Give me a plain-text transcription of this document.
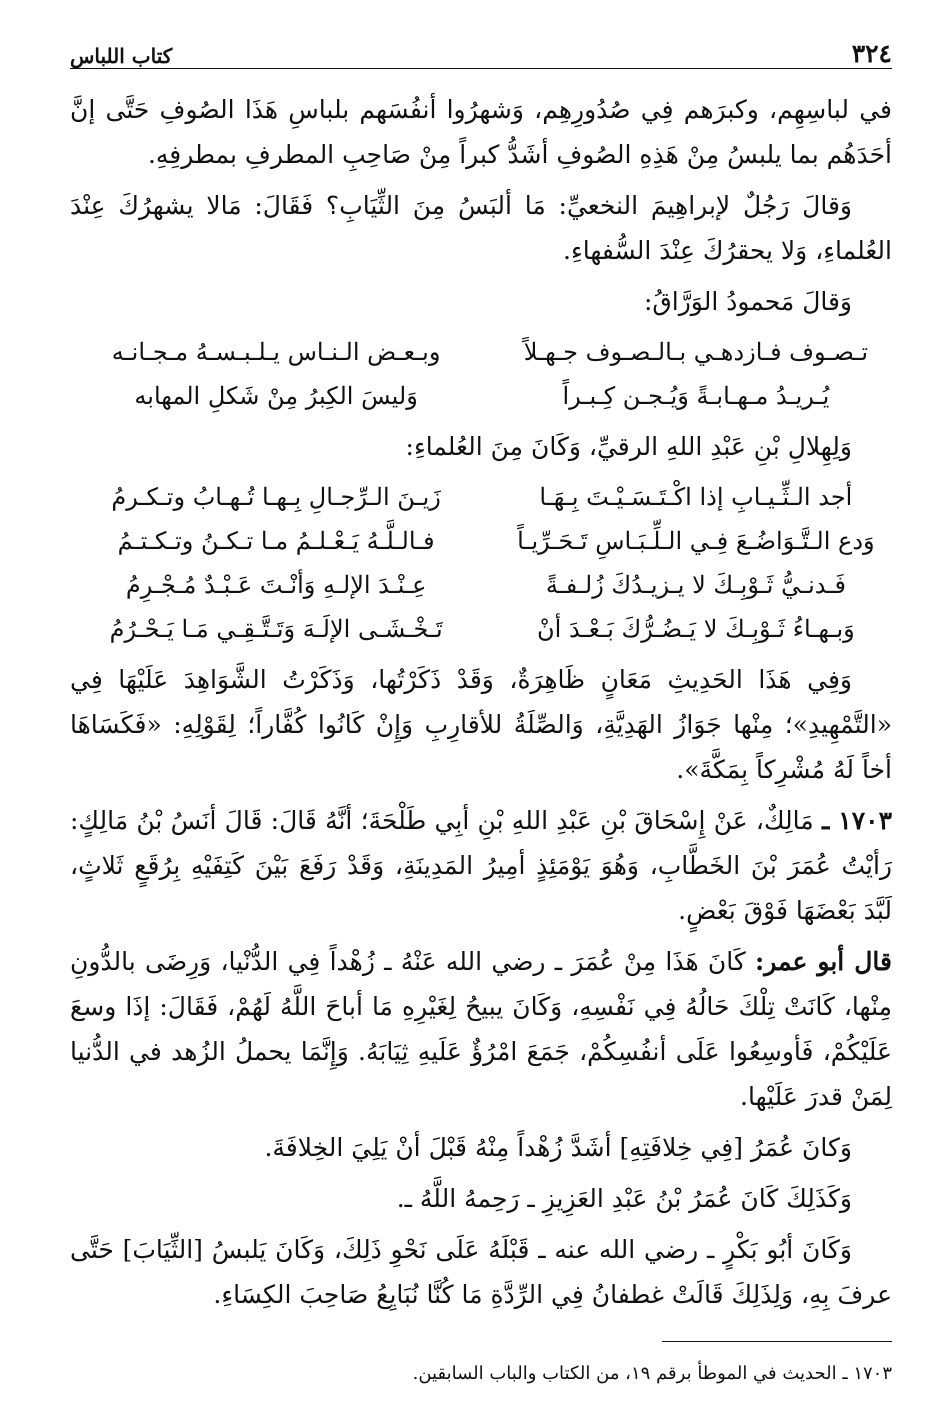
٣٢٤
كتاب اللباس

في لباسِهِم، وكبرَهم فِي صُدُورِهِم، وَشهرُوا أنفُسَهم بلباسِ هَذَا الصُوفِ حَتَّى إنَّ أحَدَهُم بما يلبسُ مِنْ هَذِهِ الصُوفِ أشَدُّ كبراً مِنْ صَاحِبِ المطرفِ بمطرفِهِ.

وَقالَ رَجُلٌ لإبراهِيمَ النخعيِّ: مَا ألبَسُ مِنَ الثِّيَابِ؟ فَقَالَ: مَالا يشهرُكَ عِنْدَ العُلماءِ، وَلا يحقرُكَ عِنْدَ السُّفهاءِ.

وَقالَ مَحمودُ الوَرَّاقُ:

تـصـوف فـازدهـي بـالـصـوف جـهـلاً
وبـعـض الـنـاس يـلـبـسـهُ مـجـانـه
يُـريـدُ مـهـابـةً وَيُـجـن كِـبـراً
وَليسَ الكِبرُ مِنْ شَكلِ المهابه

وَلِهِلالِ بْنِ عَبْدِ اللهِ الرقيِّ، وَكَانَ مِنَ العُلماءِ:

أجد الـثِّـيـابِ إذا اكْـتَـسَـيْـتَ بِـهَـا
زَيـنَ الـرِّجـالِ بِـهـا تُـهـابُ وتـكـرمُ
وَدع الـتَّـوَاضُـعَ فِـي الـلِّـبَـاسِ تَـحَـرِّيـاً
فـالـلَّـهُ يَـعْـلـمُ مـا تـكـنُ وتـكـتـمُ
فَـدنـيُّ ثَـوْبِـكَ لا يـزيـدُكَ زُلـفـةً
عِـنْـدَ الإلـهِ وَأنْـتَ عَـبْـدٌ مُـجْـرِمُ
وَبـهـاءُ ثَـوْبِـكَ لا يَـضُـرُّكَ بَـعْـدَ أنْ
تَـخْـشَـى الإلَـهَ وَتَـتَّـقِـي مَـا يَـحْـرُمُ

وَفِي هَذَا الحَدِيثِ مَعَانٍ ظَاهِرَةٌ، وَقَدْ ذَكَرْتُها، وَذَكَرْتُ الشَّوَاهِدَ عَلَيْهَا فِي «التَّمْهِيدِ»؛ مِنْها جَوَازُ الهَدِيَّةِ، وَالصِّلَةُ للأقارِبِ وَإِنْ كَانُوا كُفَّاراً؛ لِقَوْلِهِ: «فَكَسَاهَا أخاً لَهُ مُشْرِكاً بِمَكَّةَ».

١٧٠٣ ـ مَالِكٌ، عَنْ إِسْحَاقَ بْنِ عَبْدِ اللهِ بْنِ أبِي طَلْحَةَ؛ أنَّهُ قَالَ: قَالَ أنَسُ بْنُ مَالِكٍ: رَأيْتُ عُمَرَ بْنَ الخَطَّابِ، وَهُوَ يَوْمَئِذٍ أمِيرُ المَدِينَةِ، وَقَدْ رَفَعَ بَيْنَ كَتِفَيْهِ بِرُقَعٍ ثَلاثٍ، لَبَّدَ بَعْضَهَا فَوْقَ بَعْضٍ.

قال أبو عمر: كَانَ هَذَا مِنْ عُمَرَ ـ رضي الله عَنْهُ ـ زُهْداً فِي الدُّنْيا، وَرِضَى بالدُّونِ مِنْها، كَانَتْ تِلْكَ حَالُهُ فِي نَفْسِهِ، وَكَانَ يبيحُ لِغَيْرِهِ مَا أباحَ اللَّهُ لَهُمْ، فَقَالَ: إذَا وسعَ عَلَيْكُمْ، فَأوسِعُوا عَلَى أنفُسِكُمْ، جَمَعَ امْرُؤٌ عَلَيهِ ثِيَابَهُ. وَإِنَّمَا يحملُ الزُهد في الدُّنيا لِمَنْ قدرَ عَلَيْها.

وَكانَ عُمَرُ [فِي خِلافَتِهِ] أشَدَّ زُهْداً مِنْهُ قَبْلَ أنْ يَلِيَ الخِلافَةَ.

وَكَذَلِكَ كَانَ عُمَرُ بْنُ عَبْدِ العَزِيزِ ـ رَحِمهُ اللَّهُ ـ.

وَكَانَ أبُو بَكْرٍ ـ رضي الله عنه ـ قَبْلَهُ عَلَى نَحْوِ ذَلِكَ، وَكَانَ يَلبسُ [الثِّيَابَ] حَتَّى عرفَ بِهِ، وَلِذَلِكَ قَالَتْ غطفانُ فِي الرِّدَّةِ مَا كُنَّا نُبَايِعُ صَاحِبَ الكِسَاءِ.

١٧٠٣ ـ الحديث في الموطأ برقم ١٩، من الكتاب والباب السابقين.
